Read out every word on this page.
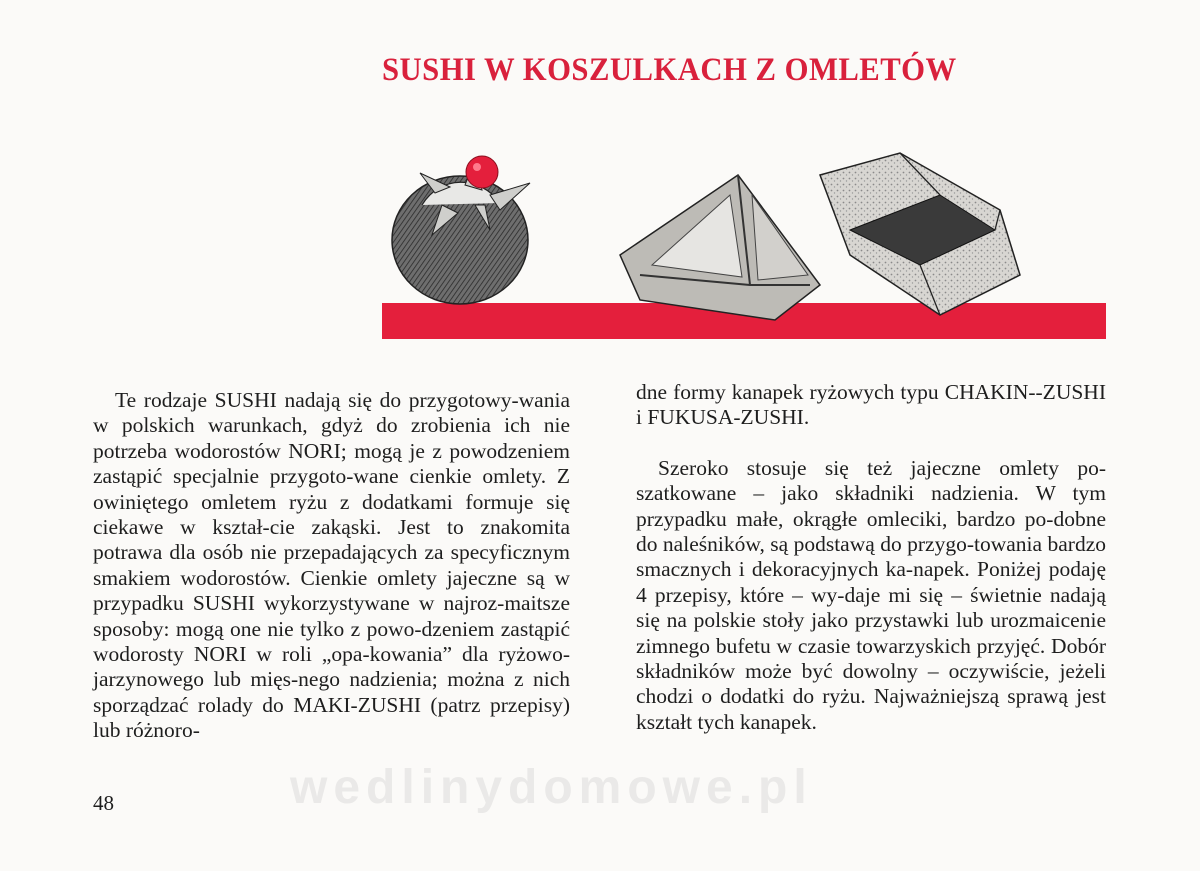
SUSHI W KOSZULKACH Z OMLETÓW

Te rodzaje SUSHI nadają się do przygotowy-wania w polskich warunkach, gdyż do zrobienia ich nie potrzeba wodorostów NORI; mogą je z powodzeniem zastąpić specjalnie przygoto-wane cienkie omlety. Z owiniętego omletem ryżu z dodatkami formuje się ciekawe w kształ-cie zakąski. Jest to znakomita potrawa dla osób nie przepadających za specyficznym smakiem wodorostów. Cienkie omlety jajeczne są w przypadku SUSHI wykorzystywane w najroz-maitsze sposoby: mogą one nie tylko z powo-dzeniem zastąpić wodorosty NORI w roli „opa-kowania” dla ryżowo-jarzynowego lub mięs-nego nadzienia; można z nich sporządzać rolady do MAKI-ZUSHI (patrz przepisy) lub różnoro-

dne formy kanapek ryżowych typu CHAKIN--ZUSHI i FUKUSA-ZUSHI.

Szeroko stosuje się też jajeczne omlety po-szatkowane – jako składniki nadzienia. W tym przypadku małe, okrągłe omleciki, bardzo po-dobne do naleśników, są podstawą do przygo-towania bardzo smacznych i dekoracyjnych ka-napek. Poniżej podaję 4 przepisy, które – wy-daje mi się – świetnie nadają się na polskie stoły jako przystawki lub urozmaicenie zimnego bufetu w czasie towarzyskich przyjęć. Dobór składników może być dowolny – oczywiście, jeżeli chodzi o dodatki do ryżu. Najważniejszą sprawą jest kształt tych kanapek.

48	wedlinydomowe.pl
